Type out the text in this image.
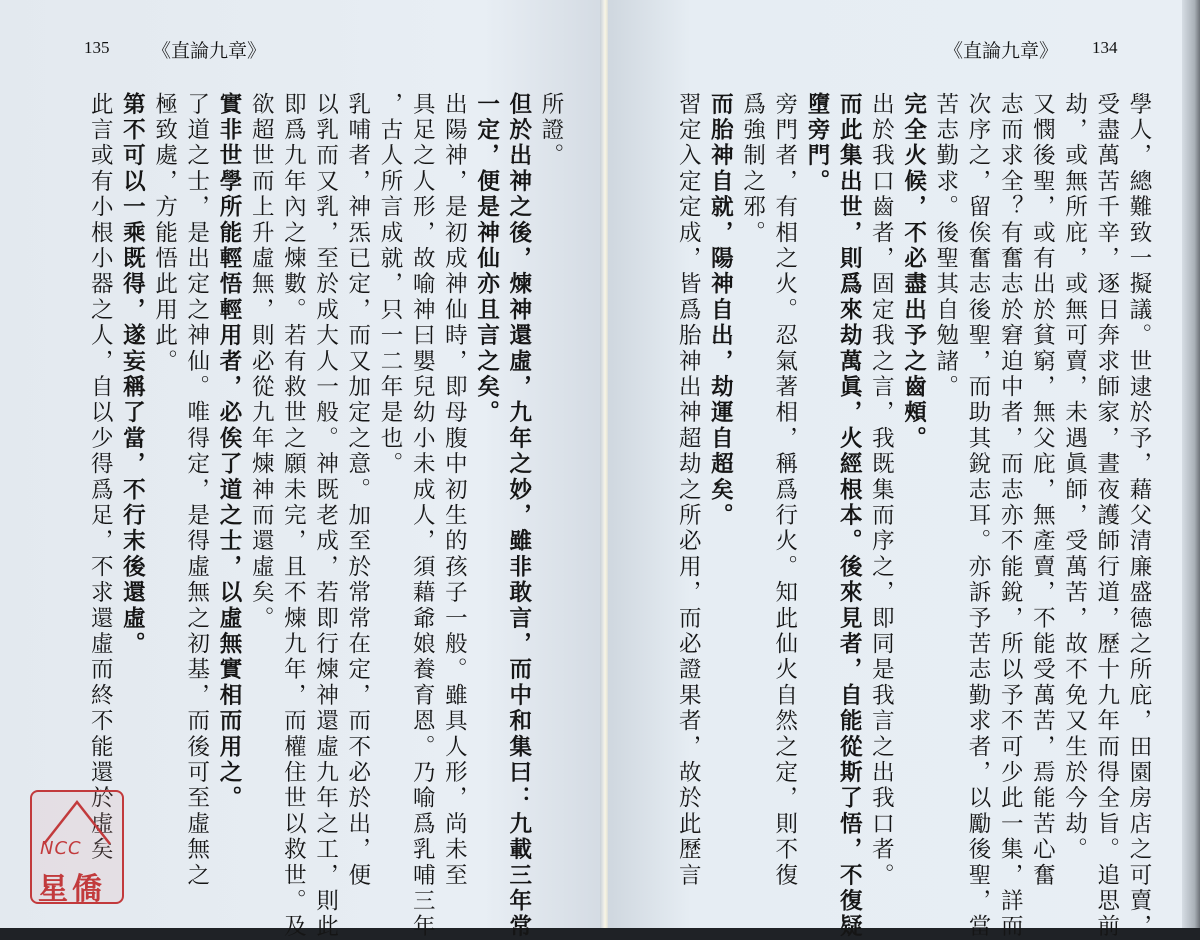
135 《直論九章》
所證。
但於出神之後，煉神還虛，九年之妙，雖非敢言，而中和集曰：九載三年常
一定，便是神仙亦且言之矣。
出陽神，是初成神仙時，即母腹中初生的孩子一般。雖具人形，尚未至
具足之人形，故喻神曰嬰兒幼小未成人，須藉爺娘養育恩。乃喻爲乳哺三年
，古人所言成就，只一二年是也。
乳哺者，神炁已定，而又加定之意。加至於常常在定，而不必於出，便
以乳而又乳，至於成大人一般。神既老成，若即行煉神還虛九年之工，則此
即爲九年內之煉數。若有救世之願未完，且不煉九年，而權住世以救世。及
欲超世而上升虛無，則必從九年煉神而還虛矣。
實非世學所能輕悟輕用者，必俟了道之士，以虛無實相而用之。
了道之士，是出定之神仙。唯得定，是得虛無之初基，而後可至虛無之
極致處，方能悟此用此。
第不可以一乘既得，遂妄稱了當，不行末後還虛。
此言或有小根小器之人，自以少得爲足，不求還虛而終不能還於虛矣
《直論九章》 134
學人，總難致一擬議。世逮於予，藉父清廉盛德之所庇，田園房店之可賣，
受盡萬苦千辛，逐日奔求師家，晝夜護師行道，歷十九年而得全旨。追思前
劫，或無所庇，或無可賣，未遇眞師，受萬苦，故不免又生於今劫。
又憫後聖，或有出於貧窮，無父庇，無產賣，不能受萬苦，焉能苦心奮
志而求全？有奮志於窘迫中者，而志亦不能銳，所以予不可少此一集，詳而
次序之，留俟奮志後聖，而助其銳志耳。亦訴予苦志勤求者，以勵後聖，當
苦志勤求。後聖其自勉諸。
完全火候，不必盡出予之齒頰。
出於我口齒者，固定我之言，我既集而序之，即同是我言之出我口者。
而此集出世，則爲來劫萬眞，火經根本。後來見者，自能從斯了悟，不復疑
墮旁門。
旁門者，有相之火。忍氣著相，稱爲行火。知此仙火自然之定，則不復
爲強制之邪。
而胎神自就，陽神自出，劫運自超矣。
習定入定定成，皆爲胎神出神超劫之所必用，而必證果者，故於此歷言
NCC
星僑
